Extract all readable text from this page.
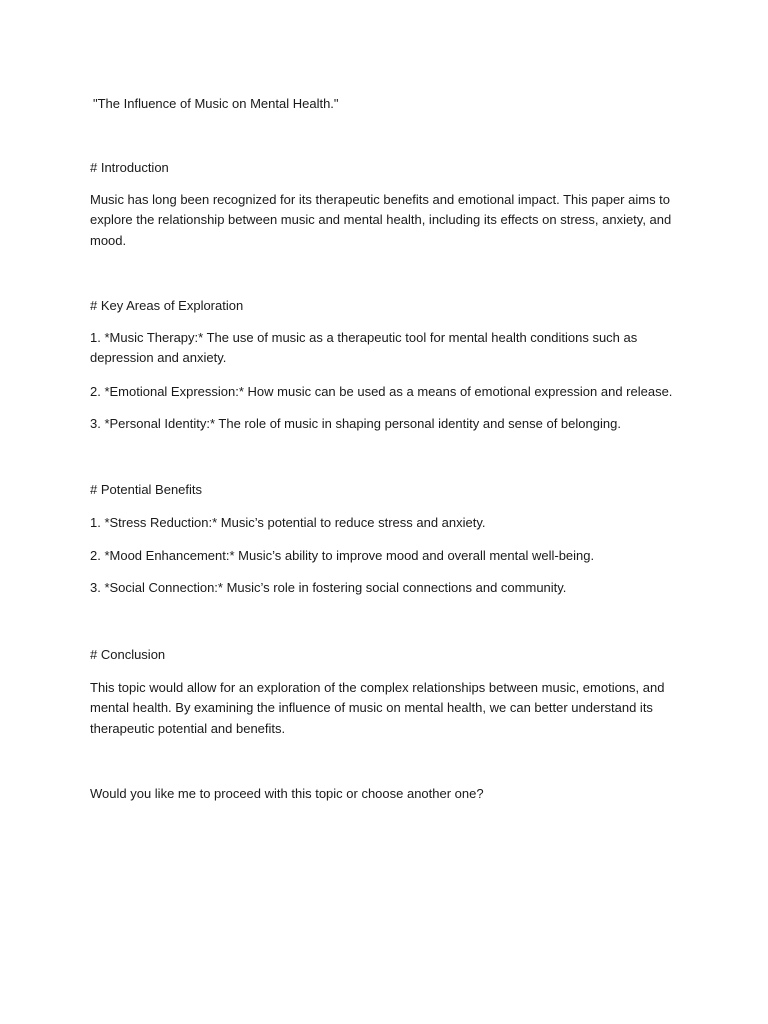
"The Influence of Music on Mental Health."
# Introduction
Music has long been recognized for its therapeutic benefits and emotional impact. This paper aims to explore the relationship between music and mental health, including its effects on stress, anxiety, and mood.
# Key Areas of Exploration
1. *Music Therapy:* The use of music as a therapeutic tool for mental health conditions such as depression and anxiety.
2. *Emotional Expression:* How music can be used as a means of emotional expression and release.
3. *Personal Identity:* The role of music in shaping personal identity and sense of belonging.
# Potential Benefits
1. *Stress Reduction:* Music’s potential to reduce stress and anxiety.
2. *Mood Enhancement:* Music’s ability to improve mood and overall mental well-being.
3. *Social Connection:* Music’s role in fostering social connections and community.
# Conclusion
This topic would allow for an exploration of the complex relationships between music, emotions, and mental health. By examining the influence of music on mental health, we can better understand its therapeutic potential and benefits.
Would you like me to proceed with this topic or choose another one?
